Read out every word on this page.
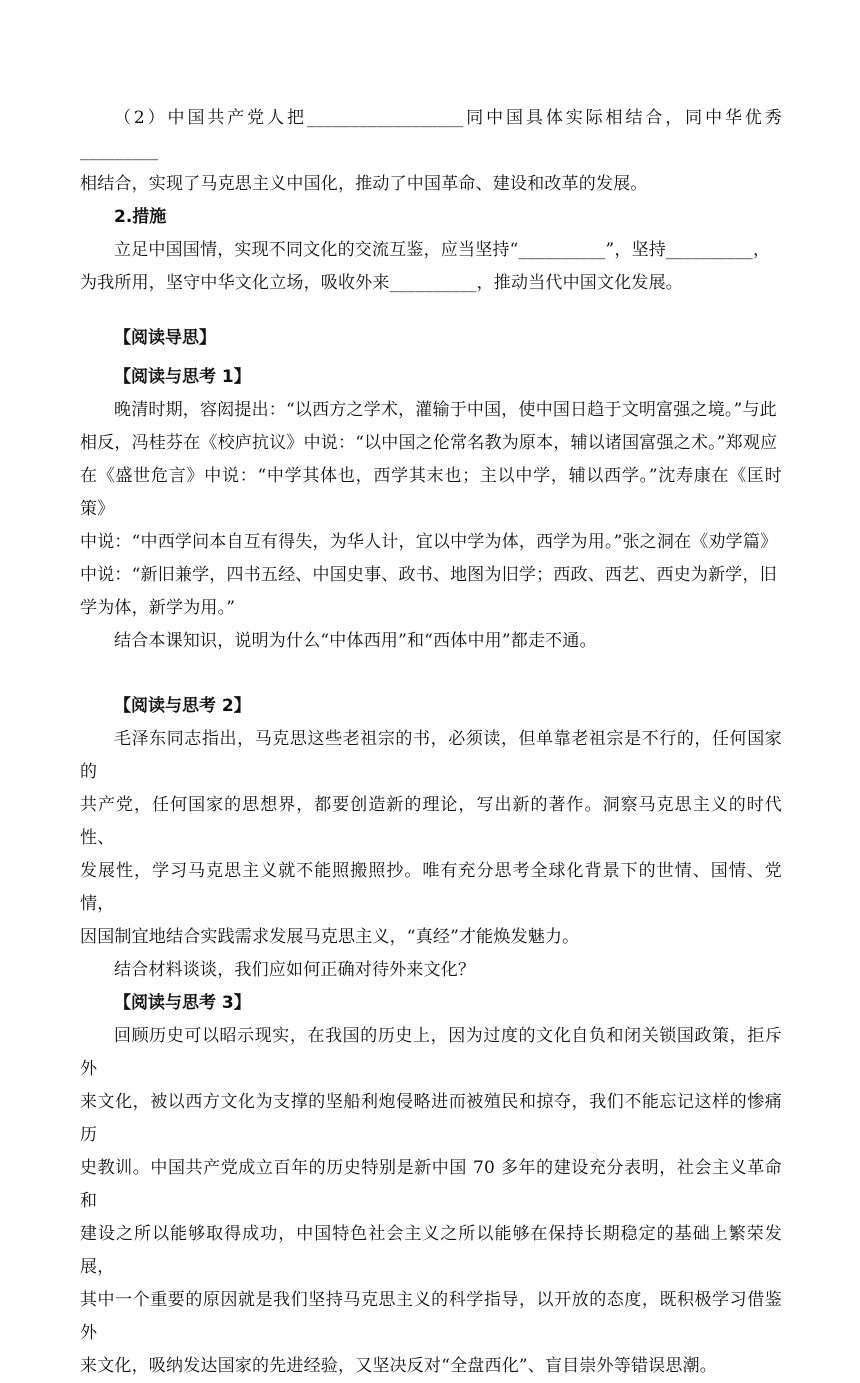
（2）中国共产党人把__________________同中国具体实际相结合，同中华优秀_________

相结合，实现了马克思主义中国化，推动了中国革命、建设和改革的发展。

2.措施

立足中国国情，实现不同文化的交流互鉴，应当坚持“__________”，坚持__________，

为我所用，坚守中华文化立场，吸收外来__________，推动当代中国文化发展。

【阅读导思】

【阅读与思考 1】

晚清时期，容闳提出：“以西方之学术，灌输于中国，使中国日趋于文明富强之境。”与此

相反，冯桂芬在《校庐抗议》中说：“以中国之伦常名教为原本，辅以诸国富强之术。”郑观应

在《盛世危言》中说：“中学其体也，西学其末也；主以中学，辅以西学。”沈寿康在《匡时策》

中说：“中西学问本自互有得失，为华人计，宜以中学为体，西学为用。”张之洞在《劝学篇》

中说：“新旧兼学，四书五经、中国史事、政书、地图为旧学；西政、西艺、西史为新学，旧

学为体，新学为用。”

结合本课知识，说明为什么“中体西用”和“西体中用”都走不通。

【阅读与思考 2】

毛泽东同志指出，马克思这些老祖宗的书，必须读，但单靠老祖宗是不行的，任何国家的

共产党，任何国家的思想界，都要创造新的理论，写出新的著作。洞察马克思主义的时代性、

发展性，学习马克思主义就不能照搬照抄。唯有充分思考全球化背景下的世情、国情、党情，

因国制宜地结合实践需求发展马克思主义，“真经”才能焕发魅力。

结合材料谈谈，我们应如何正确对待外来文化？

【阅读与思考 3】

回顾历史可以昭示现实，在我国的历史上，因为过度的文化自负和闭关锁国政策，拒斥外

来文化，被以西方文化为支撑的坚船利炮侵略进而被殖民和掠夺，我们不能忘记这样的惨痛历

史教训。中国共产党成立百年的历史特别是新中国 70 多年的建设充分表明，社会主义革命和

建设之所以能够取得成功，中国特色社会主义之所以能够在保持长期稳定的基础上繁荣发展，

其中一个重要的原因就是我们坚持马克思主义的科学指导，以开放的态度，既积极学习借鉴外

来文化，吸纳发达国家的先进经验，又坚决反对“全盘西化”、盲目崇外等错误思潮。
